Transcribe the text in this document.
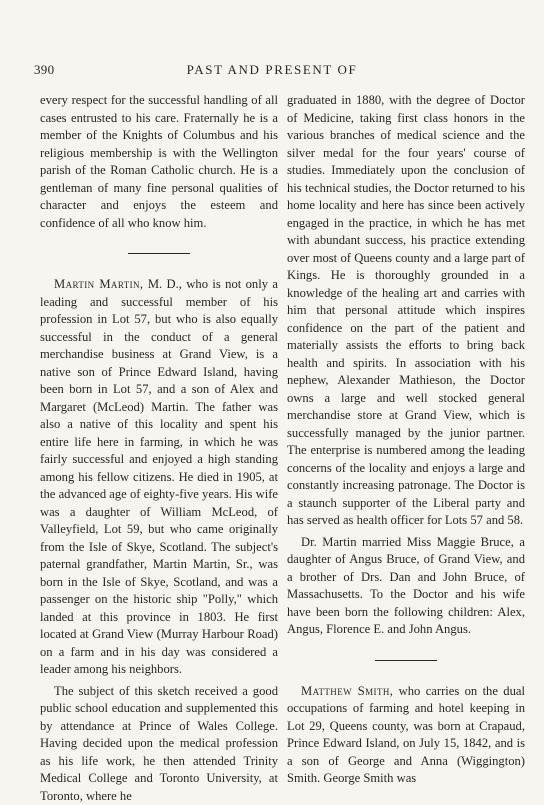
390	PAST AND PRESENT OF

every respect for the successful handling of all cases entrusted to his care. Fraternally he is a member of the Knights of Columbus and his religious membership is with the Wellington parish of the Roman Catholic church. He is a gentleman of many fine personal qualities of character and enjoys the esteem and confidence of all who know him.

Martin Martin, M. D., who is not only a leading and successful member of his profession in Lot 57, but who is also equally successful in the conduct of a general merchandise business at Grand View, is a native son of Prince Edward Island, having been born in Lot 57, and a son of Alex and Margaret (McLeod) Martin. The father was also a native of this locality and spent his entire life here in farming, in which he was fairly successful and enjoyed a high standing among his fellow citizens. He died in 1905, at the advanced age of eighty-five years. His wife was a daughter of William McLeod, of Valleyfield, Lot 59, but who came originally from the Isle of Skye, Scotland. The subject's paternal grandfather, Martin Martin, Sr., was born in the Isle of Skye, Scotland, and was a passenger on the historic ship "Polly," which landed at this province in 1803. He first located at Grand View (Murray Harbour Road) on a farm and in his day was considered a leader among his neighbors.

The subject of this sketch received a good public school education and supplemented this by attendance at Prince of Wales College. Having decided upon the medical profession as his life work, he then attended Trinity Medical College and Toronto University, at Toronto, where he

graduated in 1880, with the degree of Doctor of Medicine, taking first class honors in the various branches of medical science and the silver medal for the four years' course of studies. Immediately upon the conclusion of his technical studies, the Doctor returned to his home locality and here has since been actively engaged in the practice, in which he has met with abundant success, his practice extending over most of Queens county and a large part of Kings. He is thoroughly grounded in a knowledge of the healing art and carries with him that personal attitude which inspires confidence on the part of the patient and materially assists the efforts to bring back health and spirits. In association with his nephew, Alexander Mathieson, the Doctor owns a large and well stocked general merchandise store at Grand View, which is successfully managed by the junior partner. The enterprise is numbered among the leading concerns of the locality and enjoys a large and constantly increasing patronage. The Doctor is a staunch supporter of the Liberal party and has served as health officer for Lots 57 and 58.

Dr. Martin married Miss Maggie Bruce, a daughter of Angus Bruce, of Grand View, and a brother of Drs. Dan and John Bruce, of Massachusetts. To the Doctor and his wife have been born the following children: Alex, Angus, Florence E. and John Angus.

Matthew Smith, who carries on the dual occupations of farming and hotel keeping in Lot 29, Queens county, was born at Crapaud, Prince Edward Island, on July 15, 1842, and is a son of George and Anna (Wiggington) Smith. George Smith was
